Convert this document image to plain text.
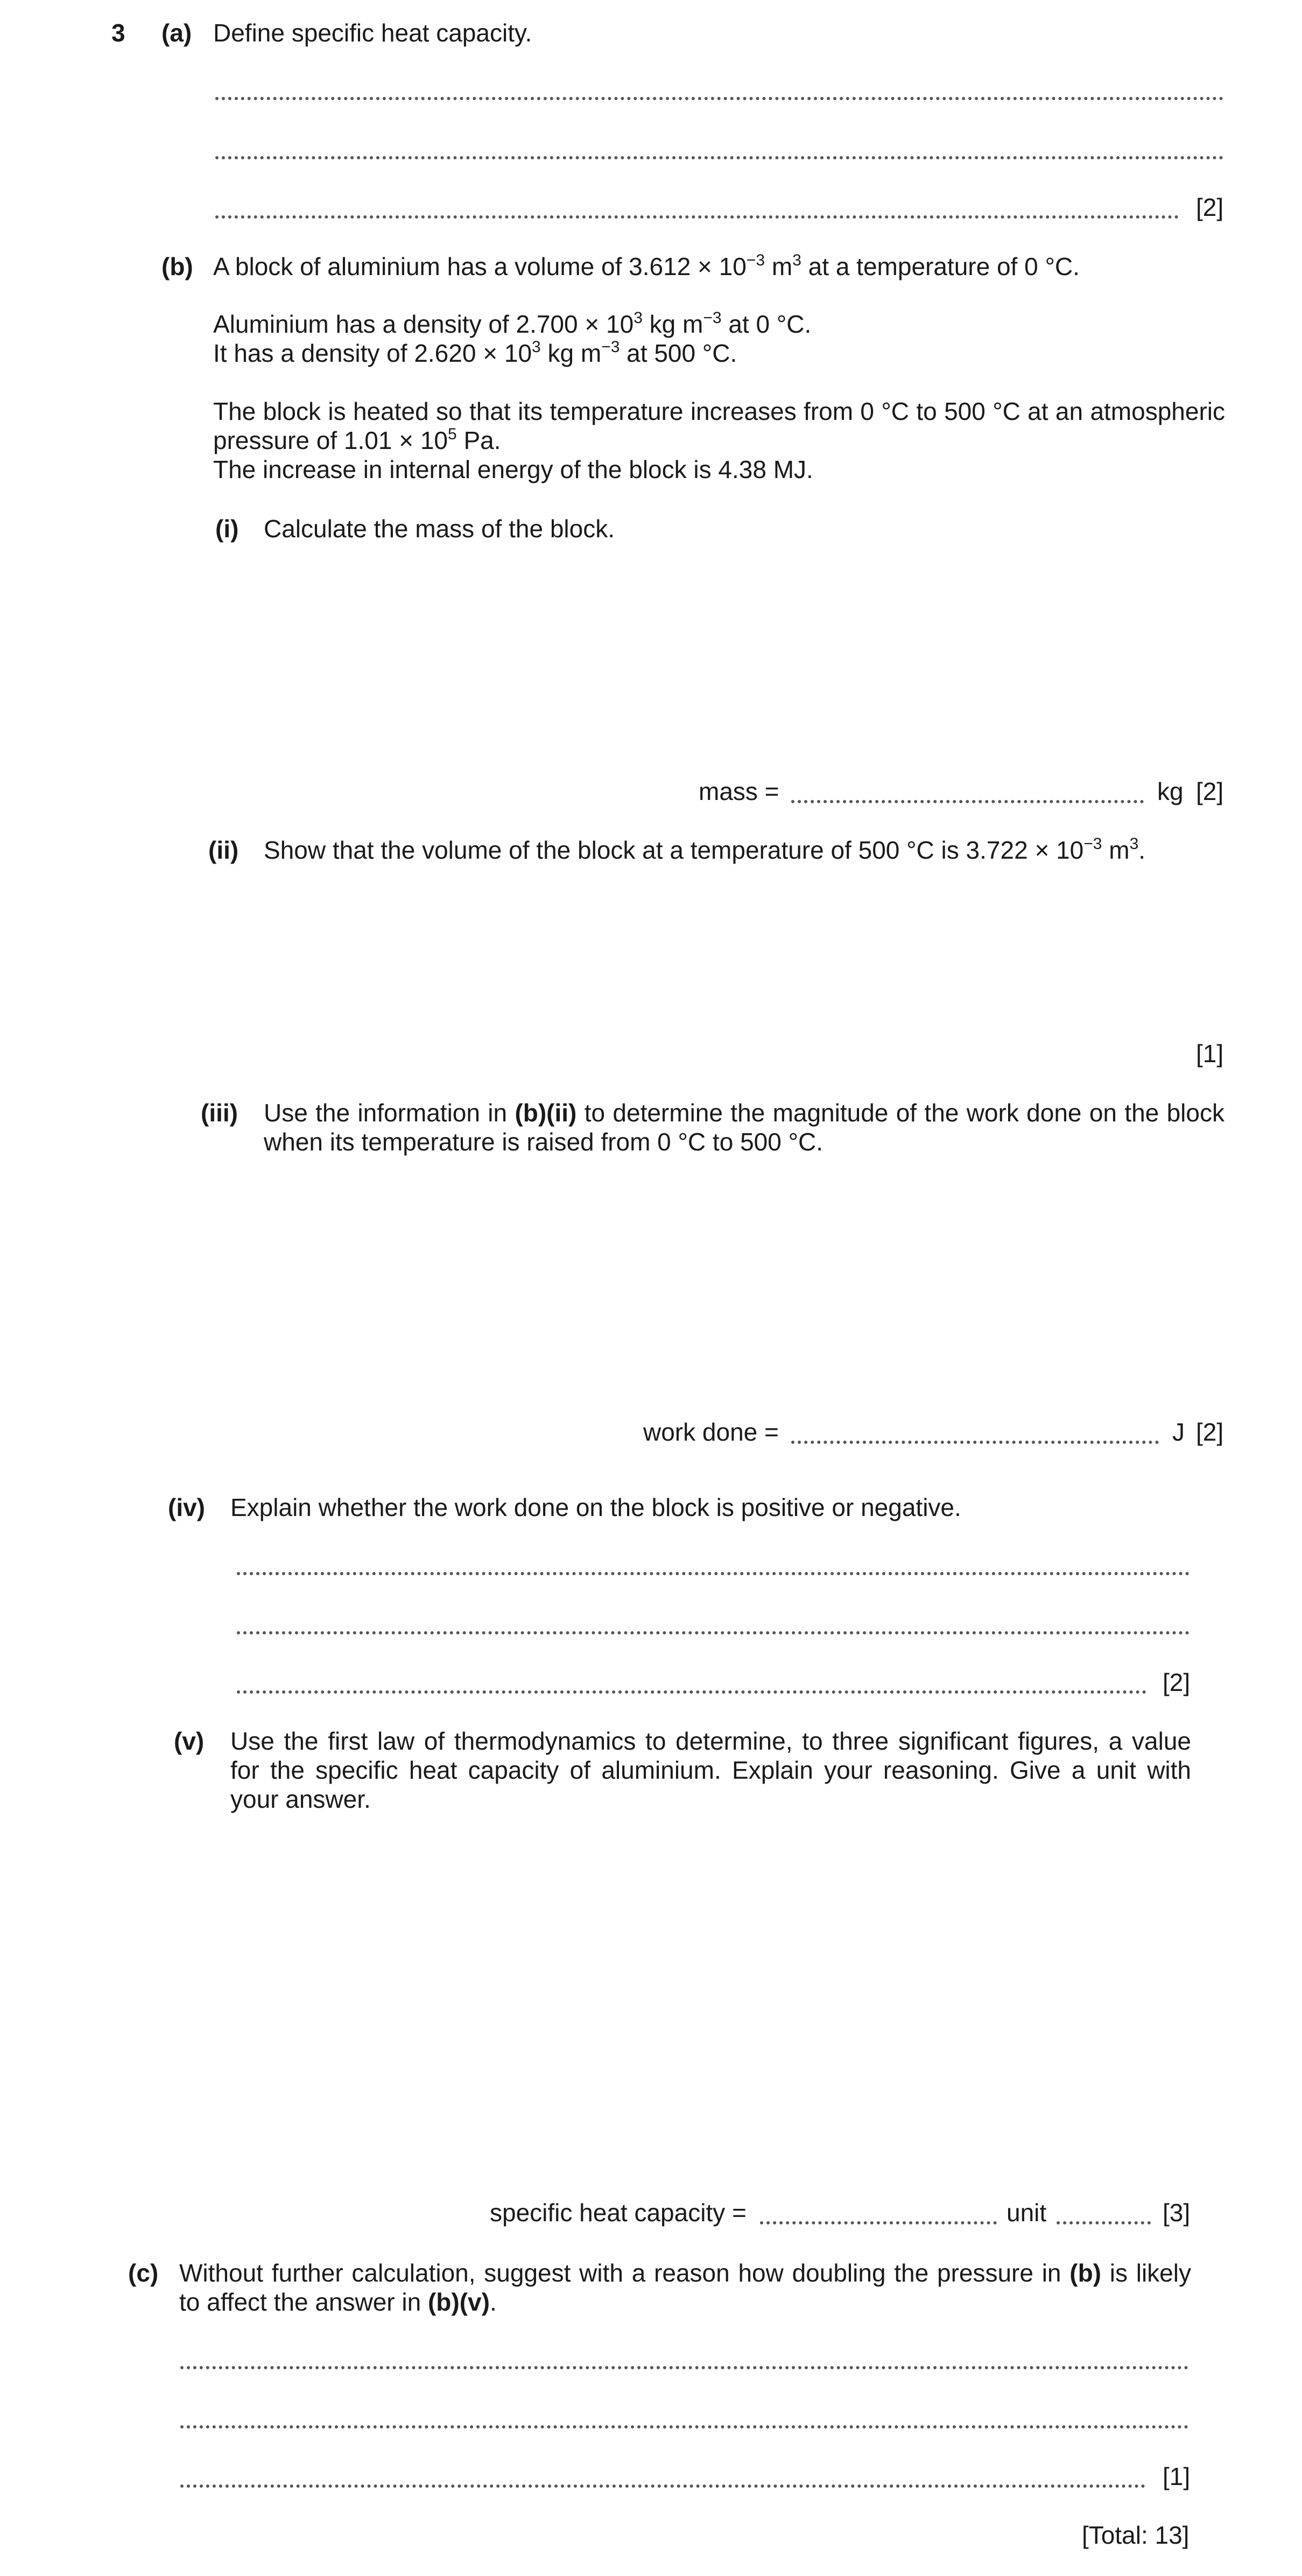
3 (a) Define specific heat capacity.
[2]
(b) A block of aluminium has a volume of $3.612 \times 10^{-3}$ $m^3$ at a temperature of 0 °C.
Aluminium has a density of $2.700 \times 10^3$ kg $m^{-3}$ at 0 °C.
It has a density of $2.620 \times 10^3$ kg $m^{-3}$ at 500 °C.
The block is heated so that its temperature increases from 0 °C to 500 °C at an atmospheric pressure of $1.01 \times 10^5$ Pa.
The increase in internal energy of the block is 4.38 MJ.
(i) Calculate the mass of the block.
mass =	kg [2]
(ii) Show that the volume of the block at a temperature of 500 °C is $3.722 \times 10^{-3}$ $m^3$.
[1]
(iii) Use the information in (b)(ii) to determine the magnitude of the work done on the block when its temperature is raised from 0 °C to 500 °C.
work done =	J [2]
(iv) Explain whether the work done on the block is positive or negative.
[2]
(v) Use the first law of thermodynamics to determine, to three significant figures, a value for the specific heat capacity of aluminium. Explain your reasoning. Give a unit with your answer.
specific heat capacity =	unit	[3]
(c) Without further calculation, suggest with a reason how doubling the pressure in (b) is likely to affect the answer in (b)(v).
[1]
[Total: 13]
